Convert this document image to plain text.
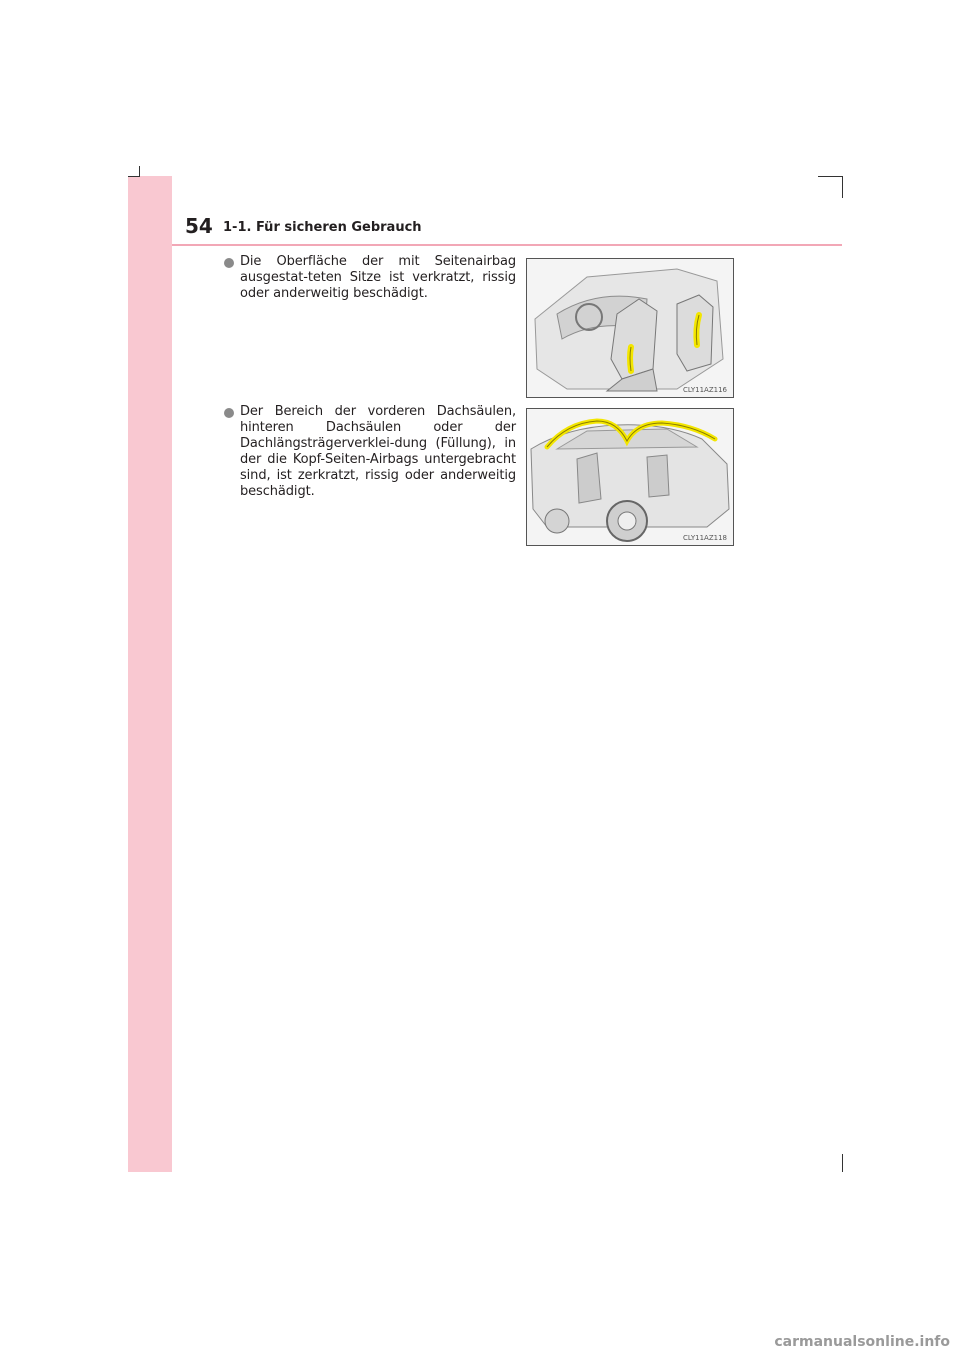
54 1-1. Für sicheren Gebrauch
Die Oberfläche der mit Seitenairbag ausgestat-teten Sitze ist verkratzt, rissig oder anderweitig beschädigt.
CLY11AZ116
Der Bereich der vorderen Dachsäulen, hinteren Dachsäulen oder der Dachlängsträgerverklei-dung (Füllung), in der die Kopf-Seiten-Airbags untergebracht sind, ist zerkratzt, rissig oder anderweitig beschädigt.
CLY11AZ118
carmanualsonline.info
